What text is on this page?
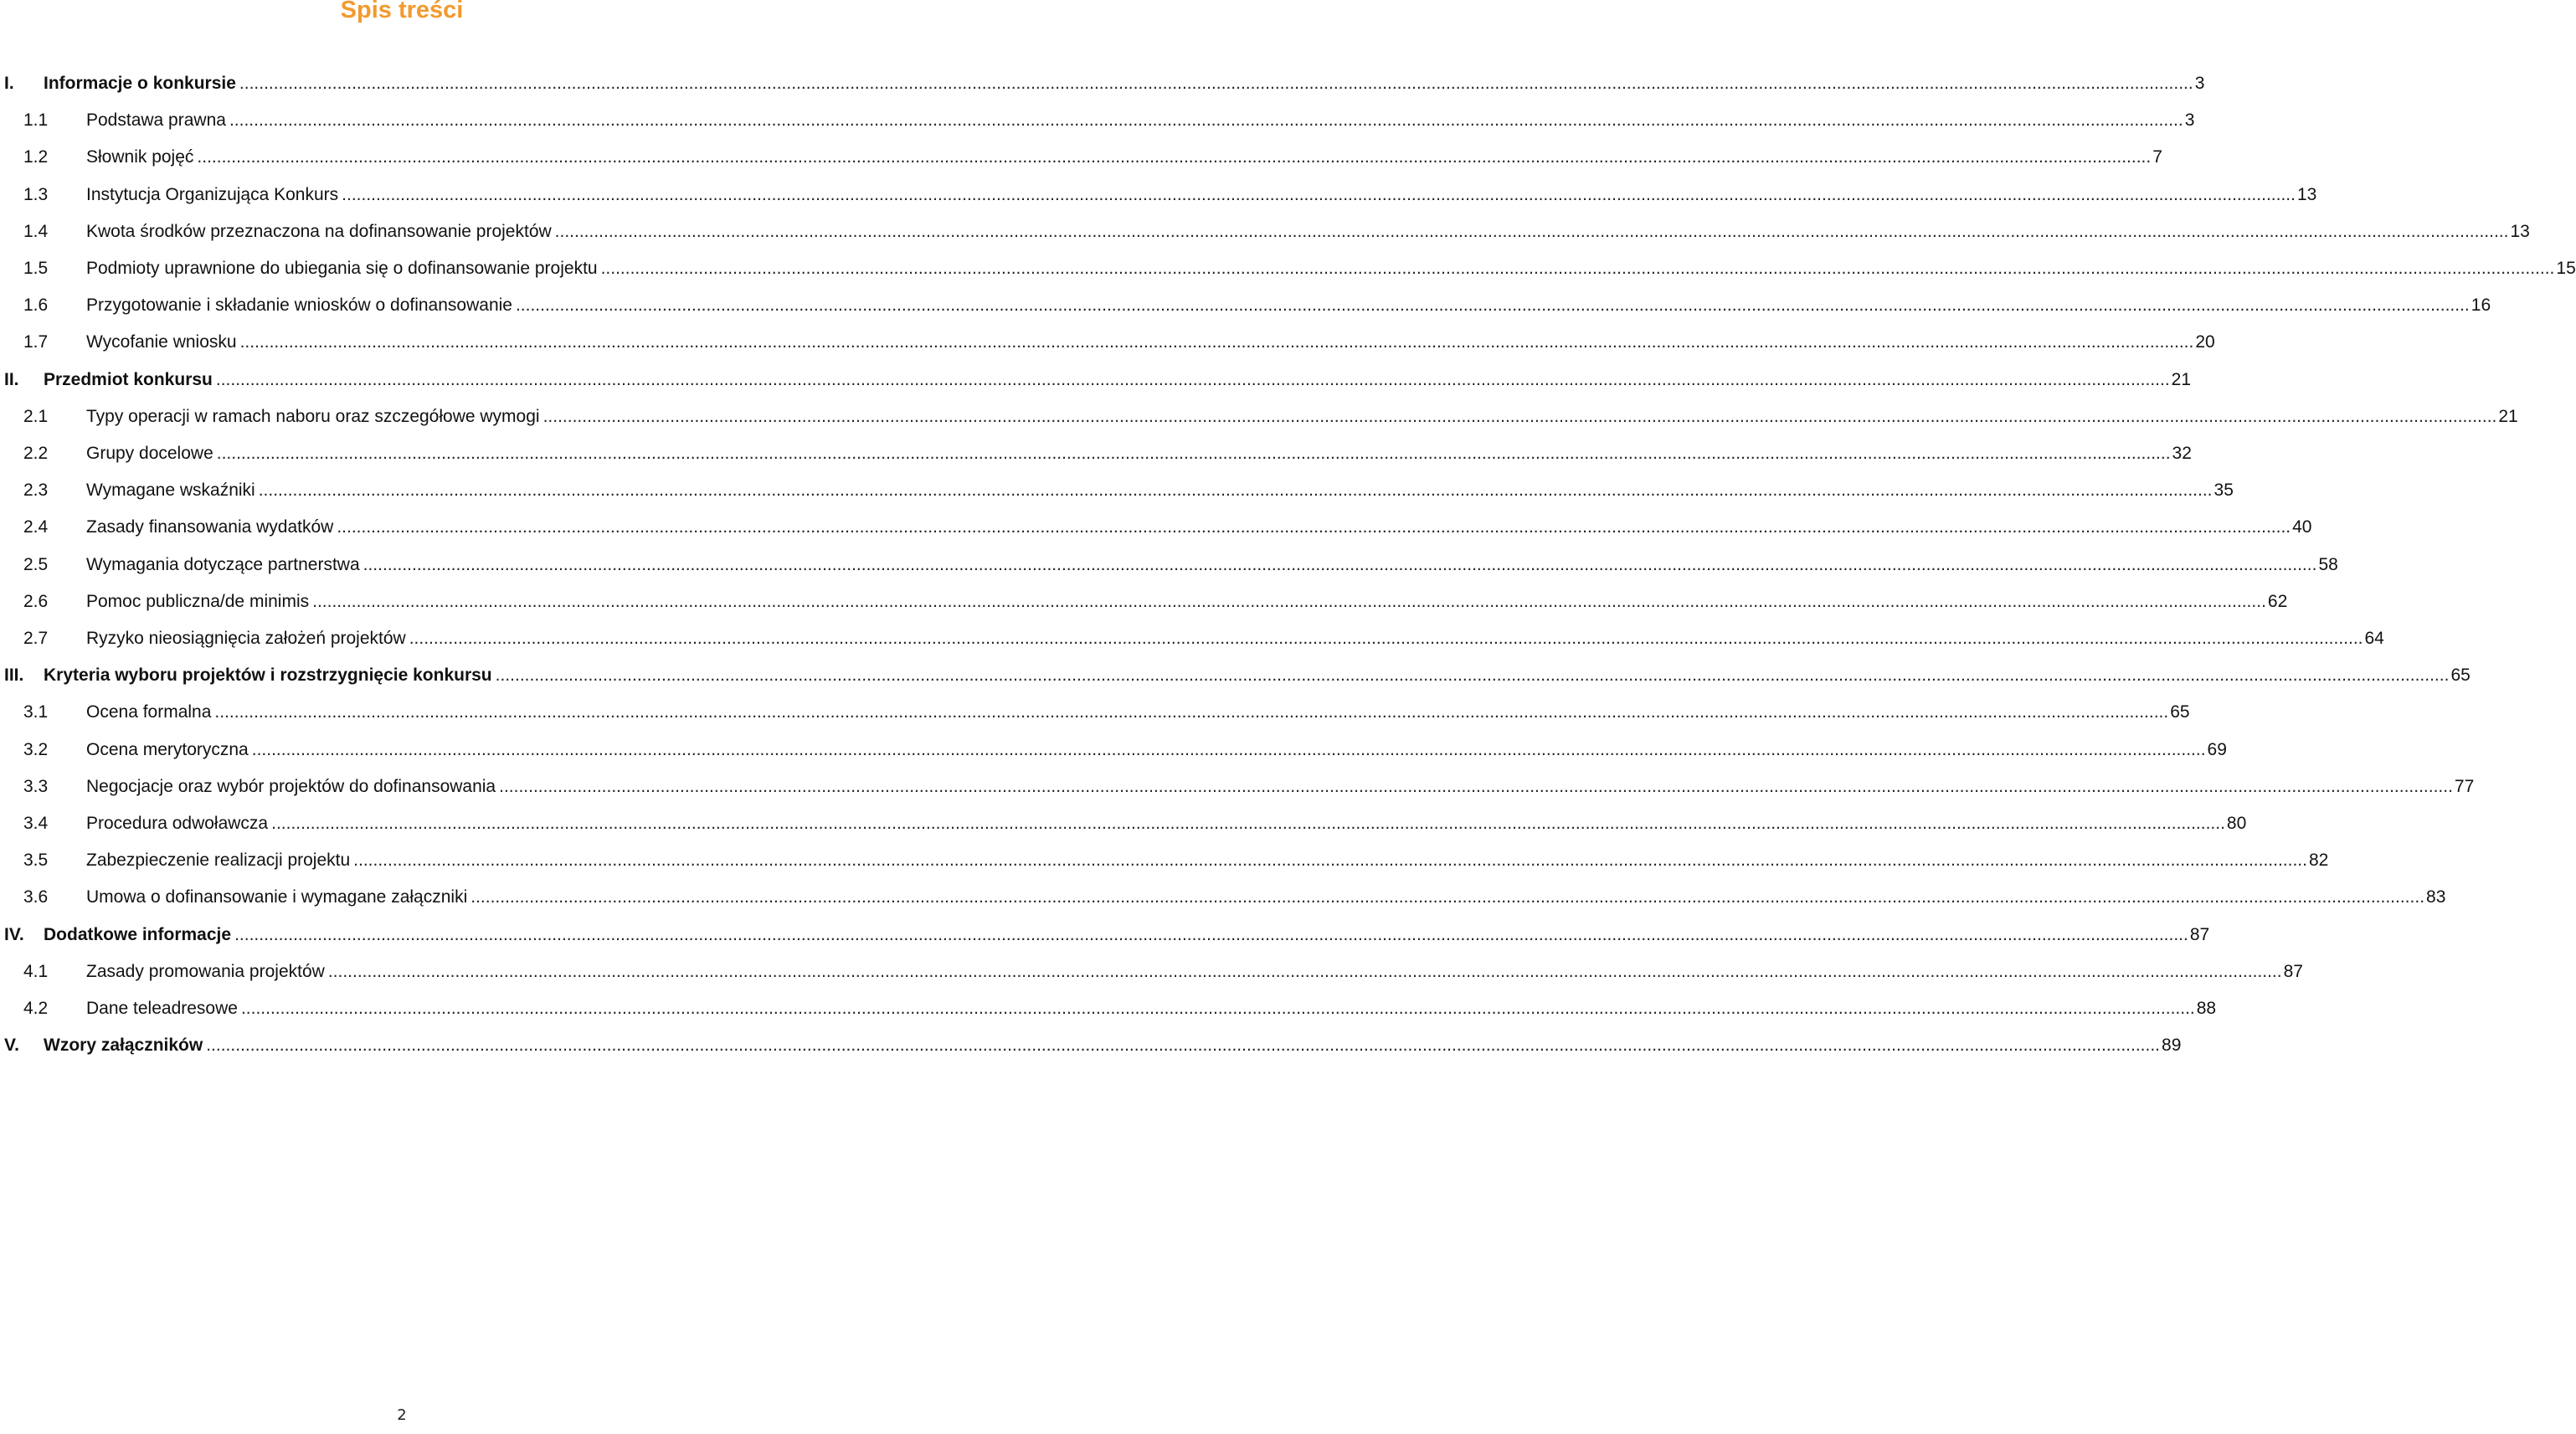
Spis treści
I. Informacje o konkursie ................................................................................................................................................................................................................................................................................................................................................................................................................ 3
1.1 Podstawa prawna ................................................................................................................................................................................................................................................................................................................................................................................................................ 3
1.2 Słownik pojęć ................................................................................................................................................................................................................................................................................................................................................................................................................ 7
1.3 Instytucja Organizująca Konkurs ................................................................................................................................................................................................................................................................................................................................................................................................................ 13
1.4 Kwota środków przeznaczona na dofinansowanie projektów ................................................................................................................................................................................................................................................................................................................................................................................................................ 13
1.5 Podmioty uprawnione do ubiegania się o dofinansowanie projektu ................................................................................................................................................................................................................................................................................................................................................................................................................ 15
1.6 Przygotowanie i składanie wniosków o dofinansowanie ................................................................................................................................................................................................................................................................................................................................................................................................................ 16
1.7 Wycofanie wniosku ................................................................................................................................................................................................................................................................................................................................................................................................................ 20
II. Przedmiot konkursu ................................................................................................................................................................................................................................................................................................................................................................................................................ 21
2.1 Typy operacji w ramach naboru oraz szczegółowe wymogi ................................................................................................................................................................................................................................................................................................................................................................................................................ 21
2.2 Grupy docelowe ................................................................................................................................................................................................................................................................................................................................................................................................................ 32
2.3 Wymagane wskaźniki ................................................................................................................................................................................................................................................................................................................................................................................................................ 35
2.4 Zasady finansowania wydatków ................................................................................................................................................................................................................................................................................................................................................................................................................ 40
2.5 Wymagania dotyczące partnerstwa ................................................................................................................................................................................................................................................................................................................................................................................................................ 58
2.6 Pomoc publiczna/de minimis ................................................................................................................................................................................................................................................................................................................................................................................................................ 62
2.7 Ryzyko nieosiągnięcia założeń projektów ................................................................................................................................................................................................................................................................................................................................................................................................................ 64
III. Kryteria wyboru projektów i rozstrzygnięcie konkursu ................................................................................................................................................................................................................................................................................................................................................................................................................ 65
3.1 Ocena formalna ................................................................................................................................................................................................................................................................................................................................................................................................................ 65
3.2 Ocena merytoryczna ................................................................................................................................................................................................................................................................................................................................................................................................................ 69
3.3 Negocjacje oraz wybór projektów do dofinansowania ................................................................................................................................................................................................................................................................................................................................................................................................................ 77
3.4 Procedura odwoławcza ................................................................................................................................................................................................................................................................................................................................................................................................................ 80
3.5 Zabezpieczenie realizacji projektu ................................................................................................................................................................................................................................................................................................................................................................................................................ 82
3.6 Umowa o dofinansowanie i wymagane załączniki ................................................................................................................................................................................................................................................................................................................................................................................................................ 83
IV. Dodatkowe informacje ................................................................................................................................................................................................................................................................................................................................................................................................................ 87
4.1 Zasady promowania projektów ................................................................................................................................................................................................................................................................................................................................................................................................................ 87
4.2 Dane teleadresowe ................................................................................................................................................................................................................................................................................................................................................................................................................ 88
V. Wzory załączników ................................................................................................................................................................................................................................................................................................................................................................................................................ 89
2
